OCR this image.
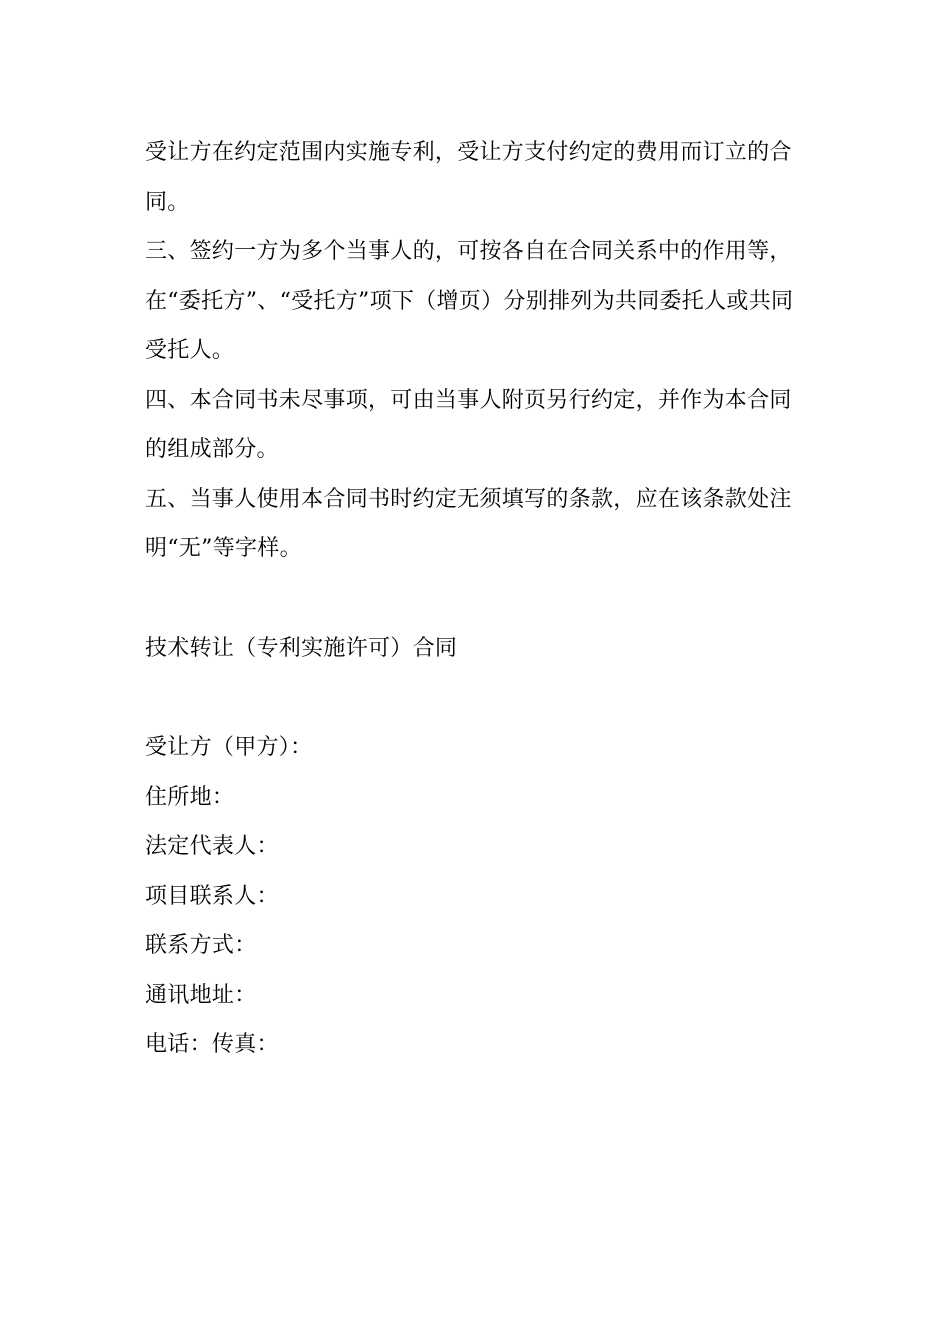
受让方在约定范围内实施专利，受让方支付约定的费用而订立的合同。

三、签约一方为多个当事人的，可按各自在合同关系中的作用等，在“委托方”、“受托方”项下（增页）分别排列为共同委托人或共同受托人。

四、本合同书未尽事项，可由当事人附页另行约定，并作为本合同的组成部分。

五、当事人使用本合同书时约定无须填写的条款，应在该条款处注明“无”等字样。

技术转让（专利实施许可）合同

受让方（甲方）：

住所地：

法定代表人：

项目联系人：

联系方式：

通讯地址：

电话：传真：
